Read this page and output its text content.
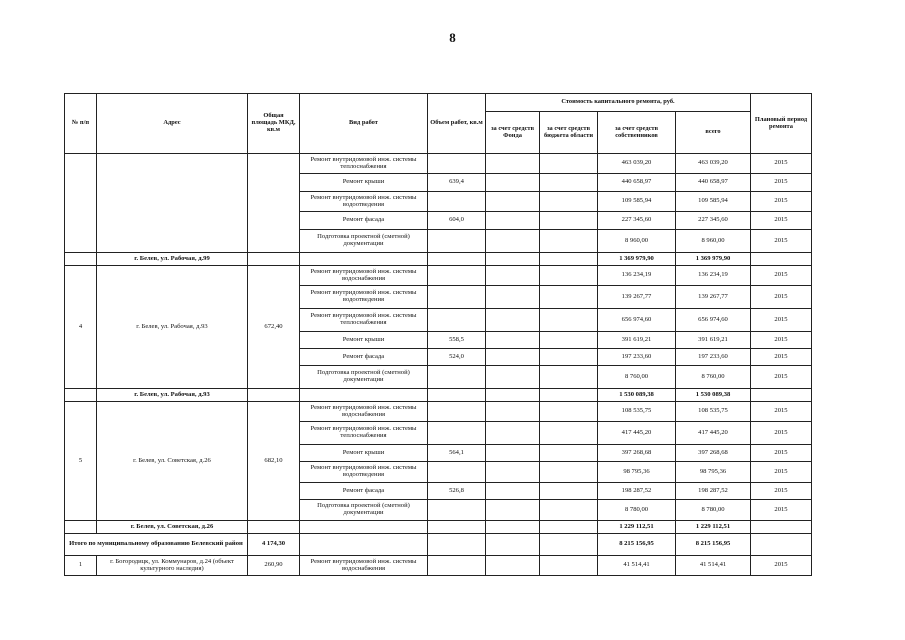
8
№ п/п	Адрес	Общая площадь МКД, кв.м	Вид работ	Объем работ, кв.м	Стоимость капитального ремонта, руб.				Плановый период ремонта
					за счет средств Фонда	за счет средств бюджета области	за счет средств собственников	всего	
			Ремонт внутридомовой инж. системы теплоснабжения				463 039,20	463 039,20	2015
			Ремонт крыши	639,4			440 658,97	440 658,97	2015
			Ремонт внутридомовой инж. системы водоотведения				109 585,94	109 585,94	2015
			Ремонт фасада	604,0			227 345,60	227 345,60	2015
			Подготовка проектной (сметной) документации				8 960,00	8 960,00	2015
	г. Белев, ул. Рабочая, д.99						1 369 979,90	1 369 979,90	
4	г. Белев, ул. Рабочая, д.93	672,40	Ремонт внутридомовой инж. системы водоснабжения				136 234,19	136 234,19	2015
			Ремонт внутридомовой инж. системы водоотведения				139 267,77	139 267,77	2015
			Ремонт внутридомовой инж. системы теплоснабжения				656 974,60	656 974,60	2015
			Ремонт крыши	558,5			391 619,21	391 619,21	2015
			Ремонт фасада	524,0			197 233,60	197 233,60	2015
			Подготовка проектной (сметной) документации				8 760,00	8 760,00	2015
	г. Белев, ул. Рабочая, д.93						1 530 089,38	1 530 089,38	
5	г. Белев, ул. Советская, д.26	682,10	Ремонт внутридомовой инж. системы водоснабжения				108 535,75	108 535,75	2015
			Ремонт внутридомовой инж. системы теплоснабжения				417 445,20	417 445,20	2015
			Ремонт крыши	564,1			397 268,68	397 268,68	2015
			Ремонт внутридомовой инж. системы водоотведения				98 795,36	98 795,36	2015
			Ремонт фасада	526,8			198 287,52	198 287,52	2015
			Подготовка проектной (сметной) документации				8 780,00	8 780,00	2015
	г. Белев, ул. Советская, д.26						1 229 112,51	1 229 112,51	
Итого по муниципальному образованию Белевский район		4 174,30					8 215 156,95	8 215 156,95	
1	г. Богородицк, ул. Коммунаров, д.24 (объект культурного наследия)	260,90	Ремонт внутридомовой инж. системы водоснабжения				41 514,41	41 514,41	2015
